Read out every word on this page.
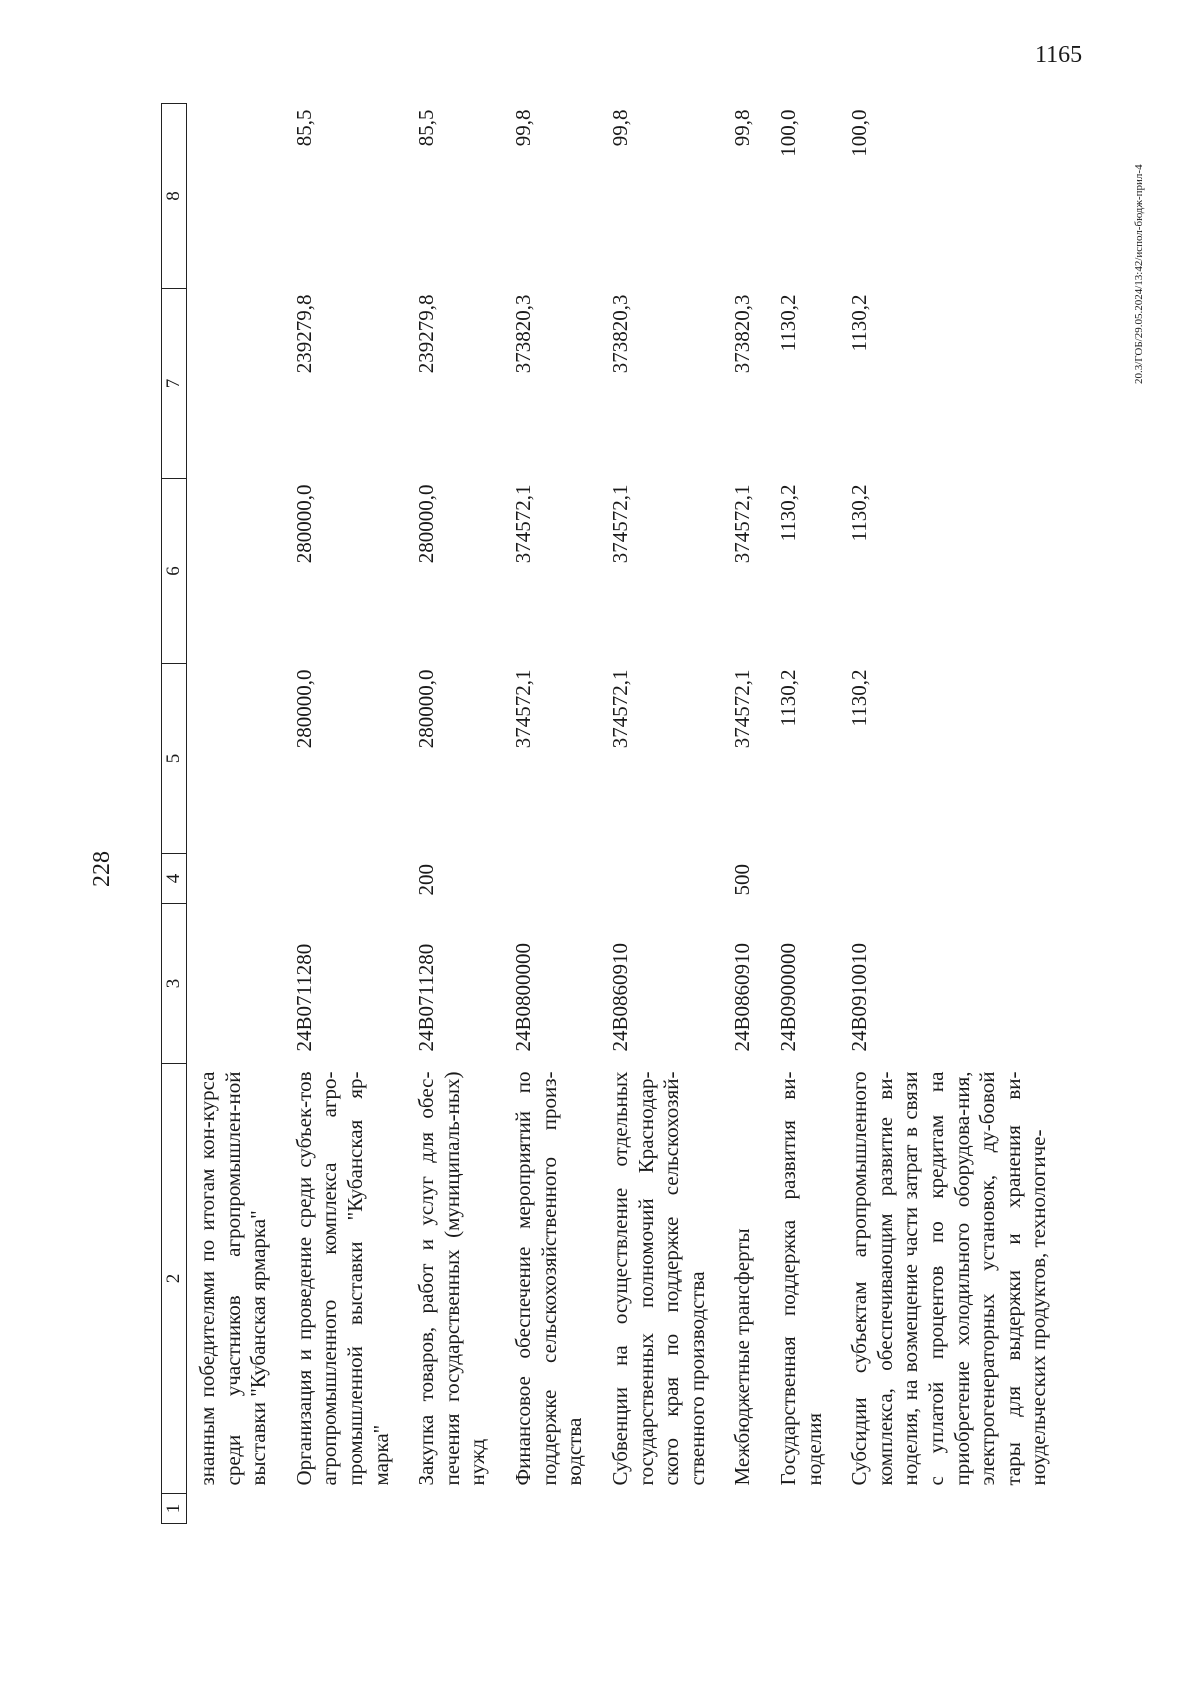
228
1	2	3	4	5	6	7	8
	знанным победителями по итогам кон-курса среди участников агропромышлен-ной выставки "Кубанская ярмарка"						
	Организация и проведение среди субъек-тов агропромышленного комплекса агро-промышленной выставки "Кубанская яр-марка"	24В0711280		280000,0	280000,0	239279,8	85,5
	Закупка товаров, работ и услуг для обес-печения государственных (муниципаль-ных) нужд	24В0711280	200	280000,0	280000,0	239279,8	85,5
	Финансовое обеспечение мероприятий по поддержке сельскохозяйственного произ-водства	24В0800000		374572,1	374572,1	373820,3	99,8
	Субвенции на осуществление отдельных государственных полномочий Краснодар-ского края по поддержке сельскохозяй-ственного производства	24В0860910		374572,1	374572,1	373820,3	99,8
	Межбюджетные трансферты	24В0860910	500	374572,1	374572,1	373820,3	99,8
	Государственная поддержка развития ви-ноделия	24В0900000		1130,2	1130,2	1130,2	100,0
	Субсидии субъектам агропромышленного комплекса, обеспечивающим развитие ви-ноделия, на возмещение части затрат в связи с уплатой процентов по кредитам на приобретение холодильного оборудова-ния, электрогенераторных установок, ду-бовой тары для выдержки и хранения ви-ноудельческих продуктов, технологиче-	24В0910010		1130,2	1130,2	1130,2	100,0
20.3/ГОБ/29.05.2024/13:42/испол-бюдж-прил-4
1165
